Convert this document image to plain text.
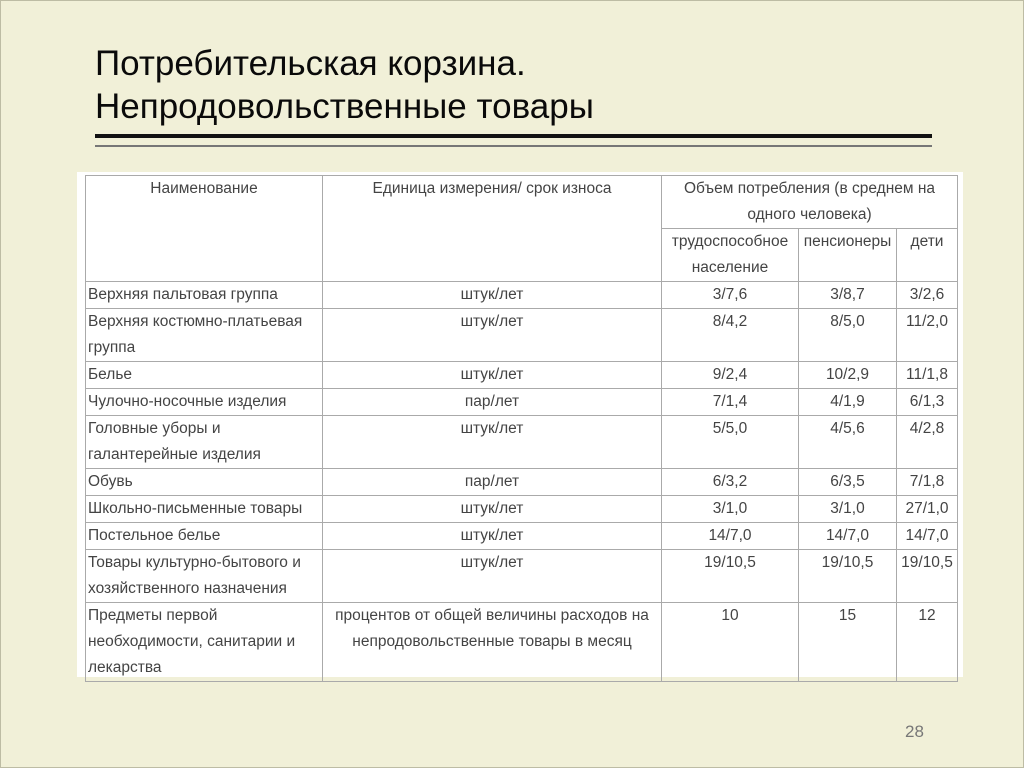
Потребительская корзина.
Непродовольственные товары
Наименование	Единица измерения/ срок износа	Объем потребления (в среднем на одного человека)		
		трудоспособное население	пенсионеры	дети
Верхняя пальтовая группа	штук/лет	3/7,6	3/8,7	3/2,6
Верхняя костюмно-платьевая группа	штук/лет	8/4,2	8/5,0	11/2,0
Белье	штук/лет	9/2,4	10/2,9	11/1,8
Чулочно-носочные изделия	пар/лет	7/1,4	4/1,9	6/1,3
Головные уборы и галантерейные изделия	штук/лет	5/5,0	4/5,6	4/2,8
Обувь	пар/лет	6/3,2	6/3,5	7/1,8
Школьно-письменные товары	штук/лет	3/1,0	3/1,0	27/1,0
Постельное белье	штук/лет	14/7,0	14/7,0	14/7,0
Товары культурно-бытового и хозяйственного назначения	штук/лет	19/10,5	19/10,5	19/10,5
Предметы первой необходимости, санитарии и лекарства	процентов от общей величины расходов на непродовольственные товары в месяц	10	15	12
28
